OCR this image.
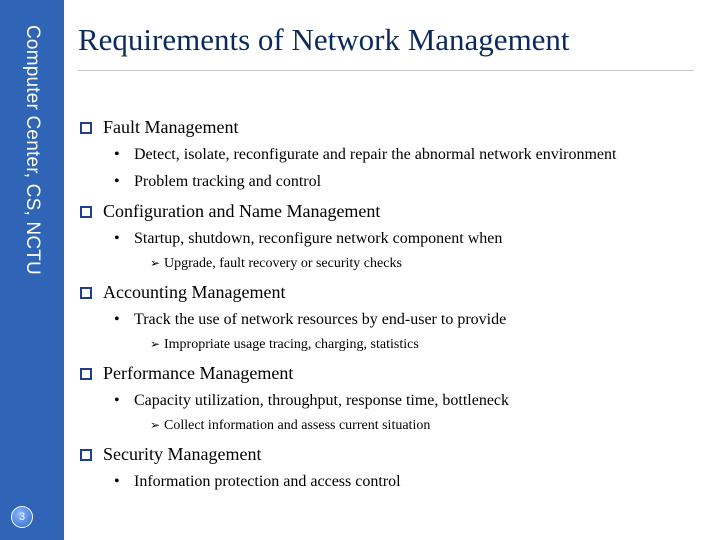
Computer Center, CS, NCTU
3
Requirements of Network Management
Fault Management
• Detect, isolate, reconfigurate and repair the abnormal network environment
• Problem tracking and control
Configuration and Name Management
• Startup, shutdown, reconfigure network component when
➢ Upgrade, fault recovery or security checks
Accounting Management
• Track the use of network resources by end-user to provide
➢ Impropriate usage tracing, charging, statistics
Performance Management
• Capacity utilization, throughput, response time, bottleneck
➢ Collect information and assess current situation
Security Management
• Information protection and access control
